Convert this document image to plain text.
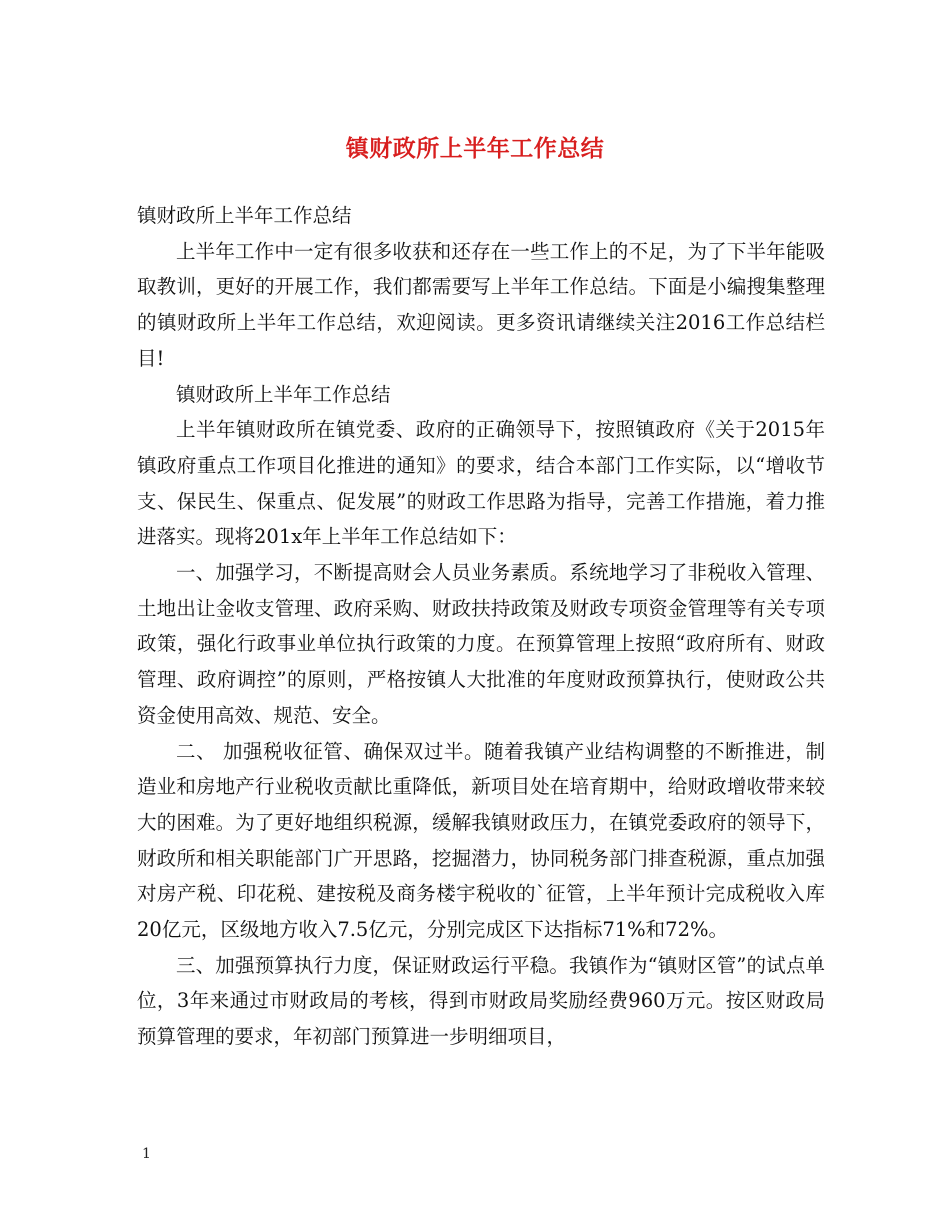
镇财政所上半年工作总结

镇财政所上半年工作总结

上半年工作中一定有很多收获和还存在一些工作上的不足，为了下半年能吸取教训，更好的开展工作，我们都需要写上半年工作总结。下面是小编搜集整理的镇财政所上半年工作总结，欢迎阅读。更多资讯请继续关注2016工作总结栏目!

镇财政所上半年工作总结

上半年镇财政所在镇党委、政府的正确领导下，按照镇政府《关于2015年镇政府重点工作项目化推进的通知》的要求，结合本部门工作实际，以“增收节支、保民生、保重点、促发展”的财政工作思路为指导，完善工作措施，着力推进落实。现将201x年上半年工作总结如下：

一、加强学习，不断提高财会人员业务素质。系统地学习了非税收入管理、土地出让金收支管理、政府采购、财政扶持政策及财政专项资金管理等有关专项政策，强化行政事业单位执行政策的力度。在预算管理上按照“政府所有、财政管理、政府调控”的原则，严格按镇人大批准的年度财政预算执行，使财政公共资金使用高效、规范、安全。

二、 加强税收征管、确保双过半。随着我镇产业结构调整的不断推进，制造业和房地产行业税收贡献比重降低，新项目处在培育期中，给财政增收带来较大的困难。为了更好地组织税源，缓解我镇财政压力，在镇党委政府的领导下，财政所和相关职能部门广开思路，挖掘潜力，协同税务部门排查税源，重点加强对房产税、印花税、建按税及商务楼宇税收的`征管，上半年预计完成税收入库20亿元，区级地方收入7.5亿元，分别完成区下达指标71%和72%。

三、加强预算执行力度，保证财政运行平稳。我镇作为“镇财区管”的试点单位，3年来通过市财政局的考核，得到市财政局奖励经费960万元。按区财政局预算管理的要求，年初部门预算进一步明细项目，

1
